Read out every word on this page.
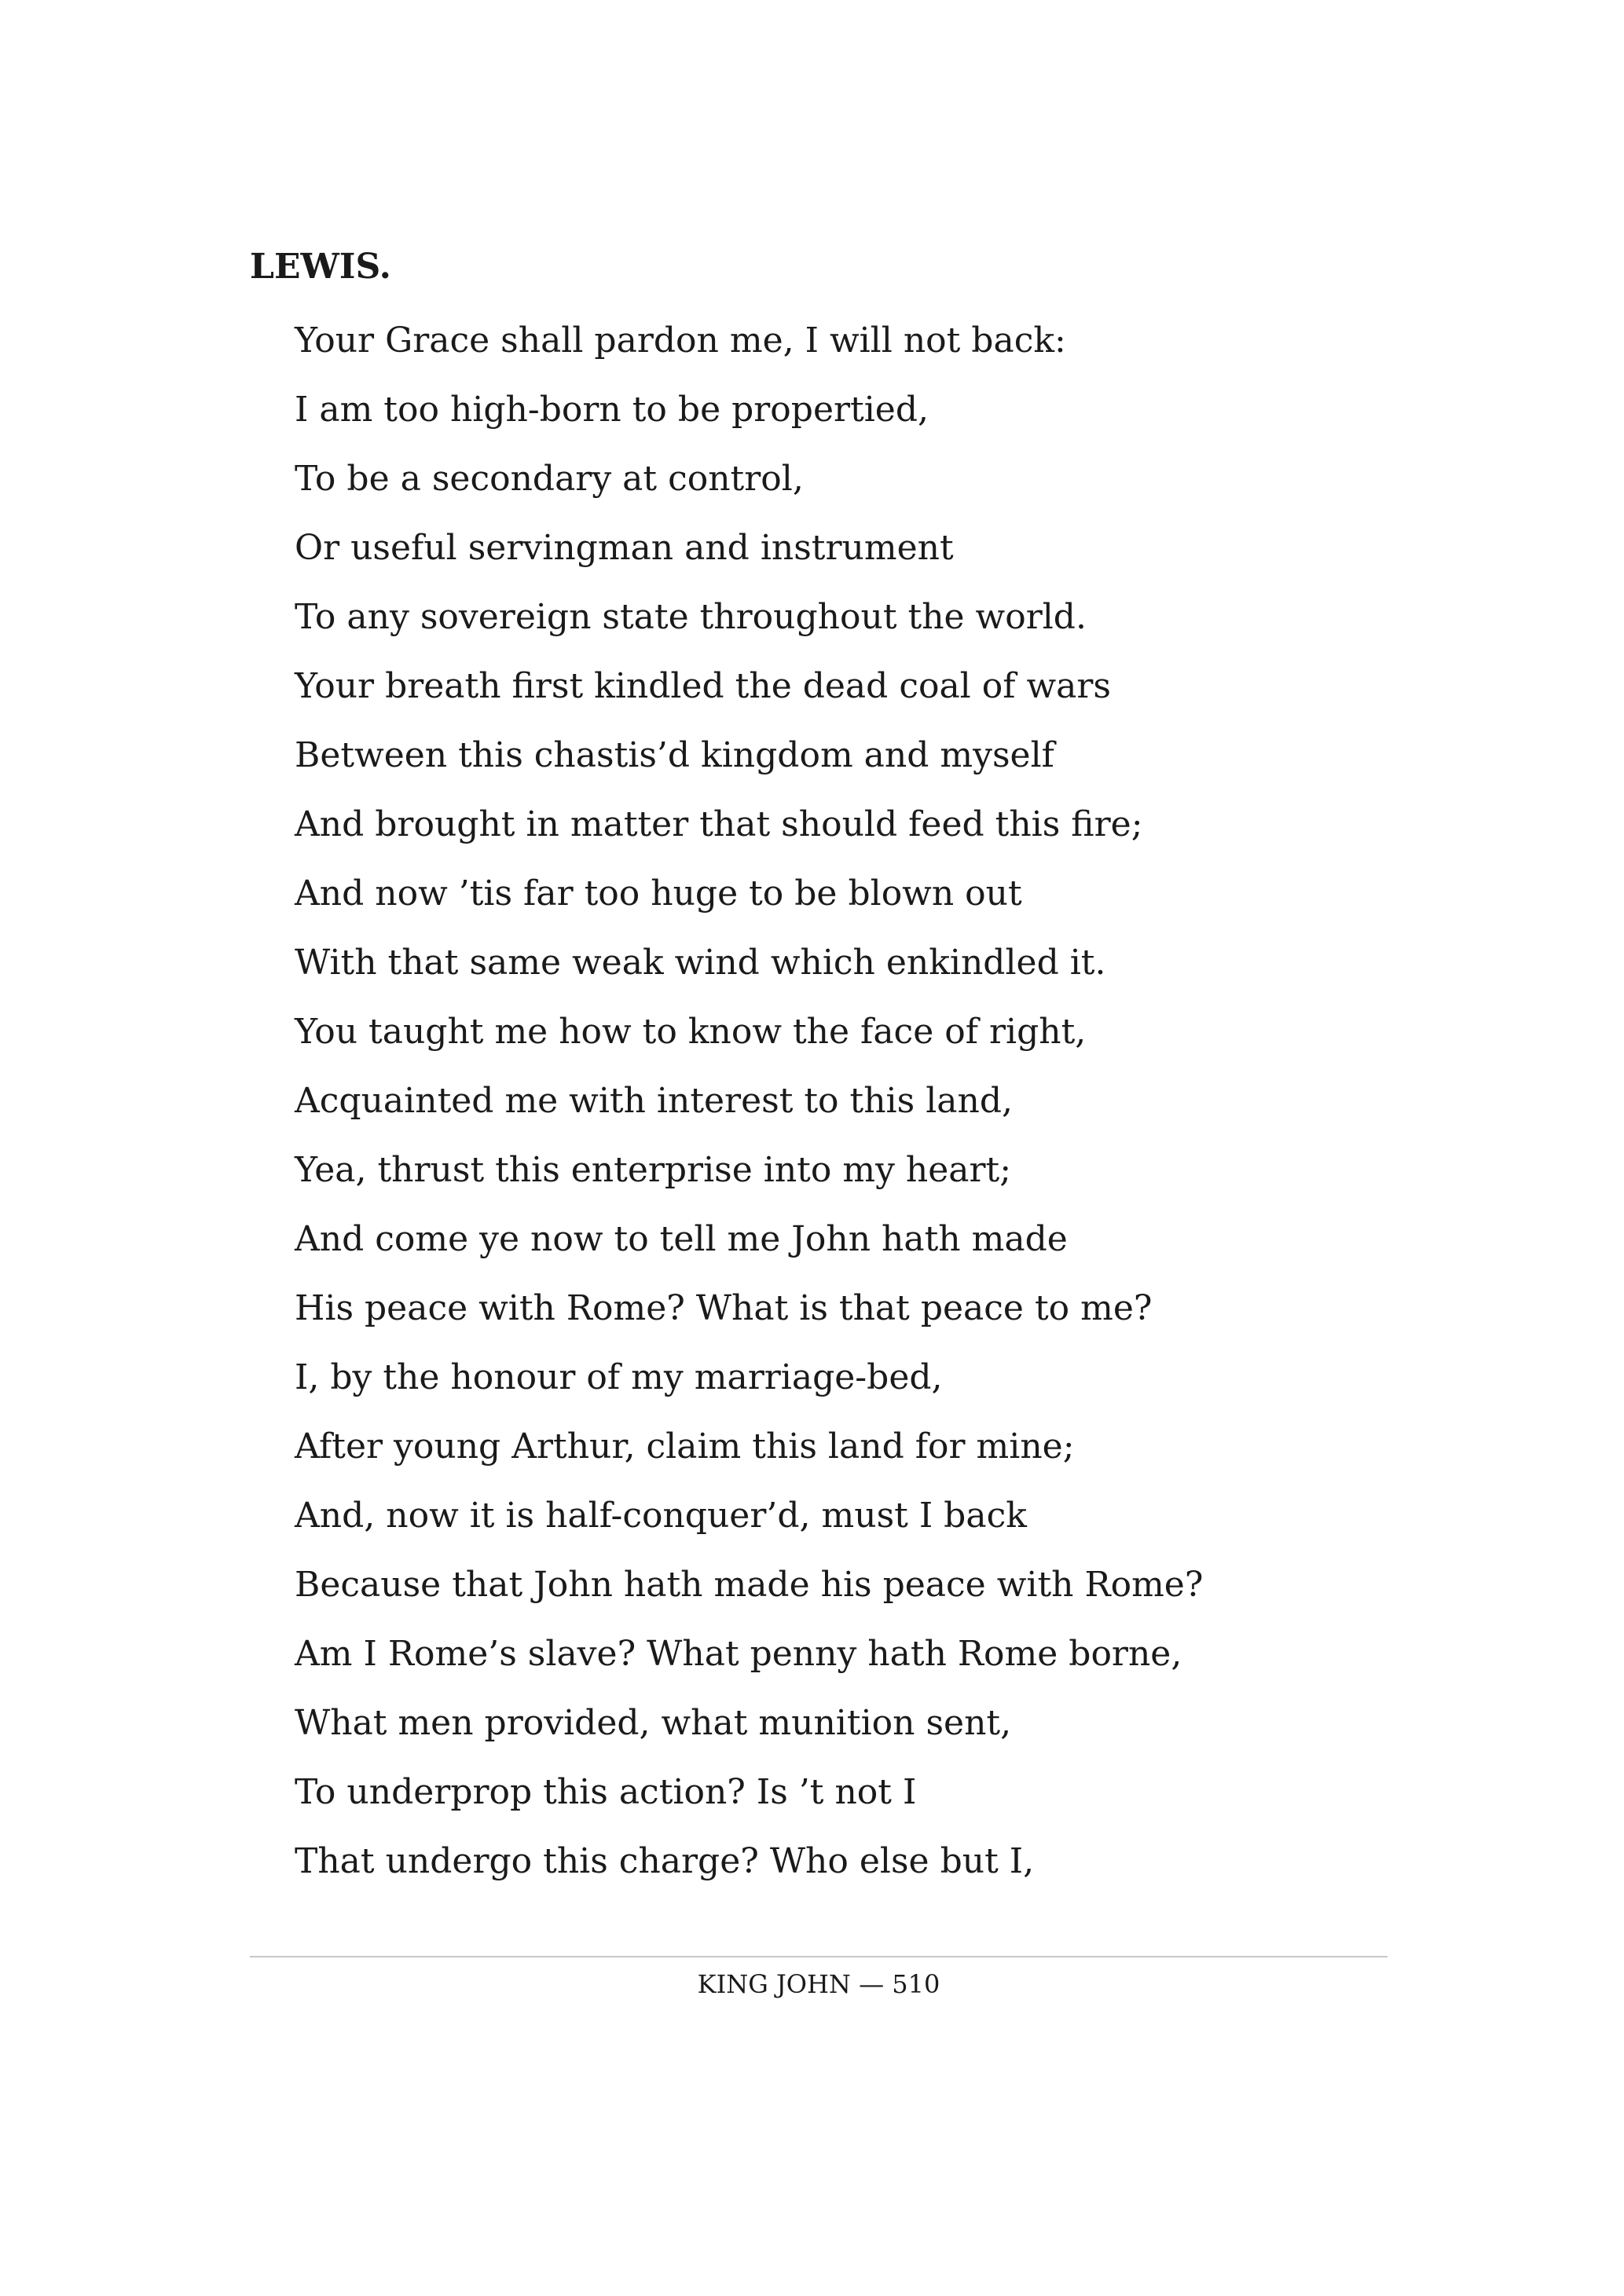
LEWIS.

Your Grace shall pardon me, I will not back:
I am too high-born to be propertied,
To be a secondary at control,
Or useful servingman and instrument
To any sovereign state throughout the world.
Your breath first kindled the dead coal of wars
Between this chastis’d kingdom and myself
And brought in matter that should feed this fire;
And now ’tis far too huge to be blown out
With that same weak wind which enkindled it.
You taught me how to know the face of right,
Acquainted me with interest to this land,
Yea, thrust this enterprise into my heart;
And come ye now to tell me John hath made
His peace with Rome? What is that peace to me?
I, by the honour of my marriage-bed,
After young Arthur, claim this land for mine;
And, now it is half-conquer’d, must I back
Because that John hath made his peace with Rome?
Am I Rome’s slave? What penny hath Rome borne,
What men provided, what munition sent,
To underprop this action? Is ’t not I
That undergo this charge? Who else but I,
KING JOHN — 510
